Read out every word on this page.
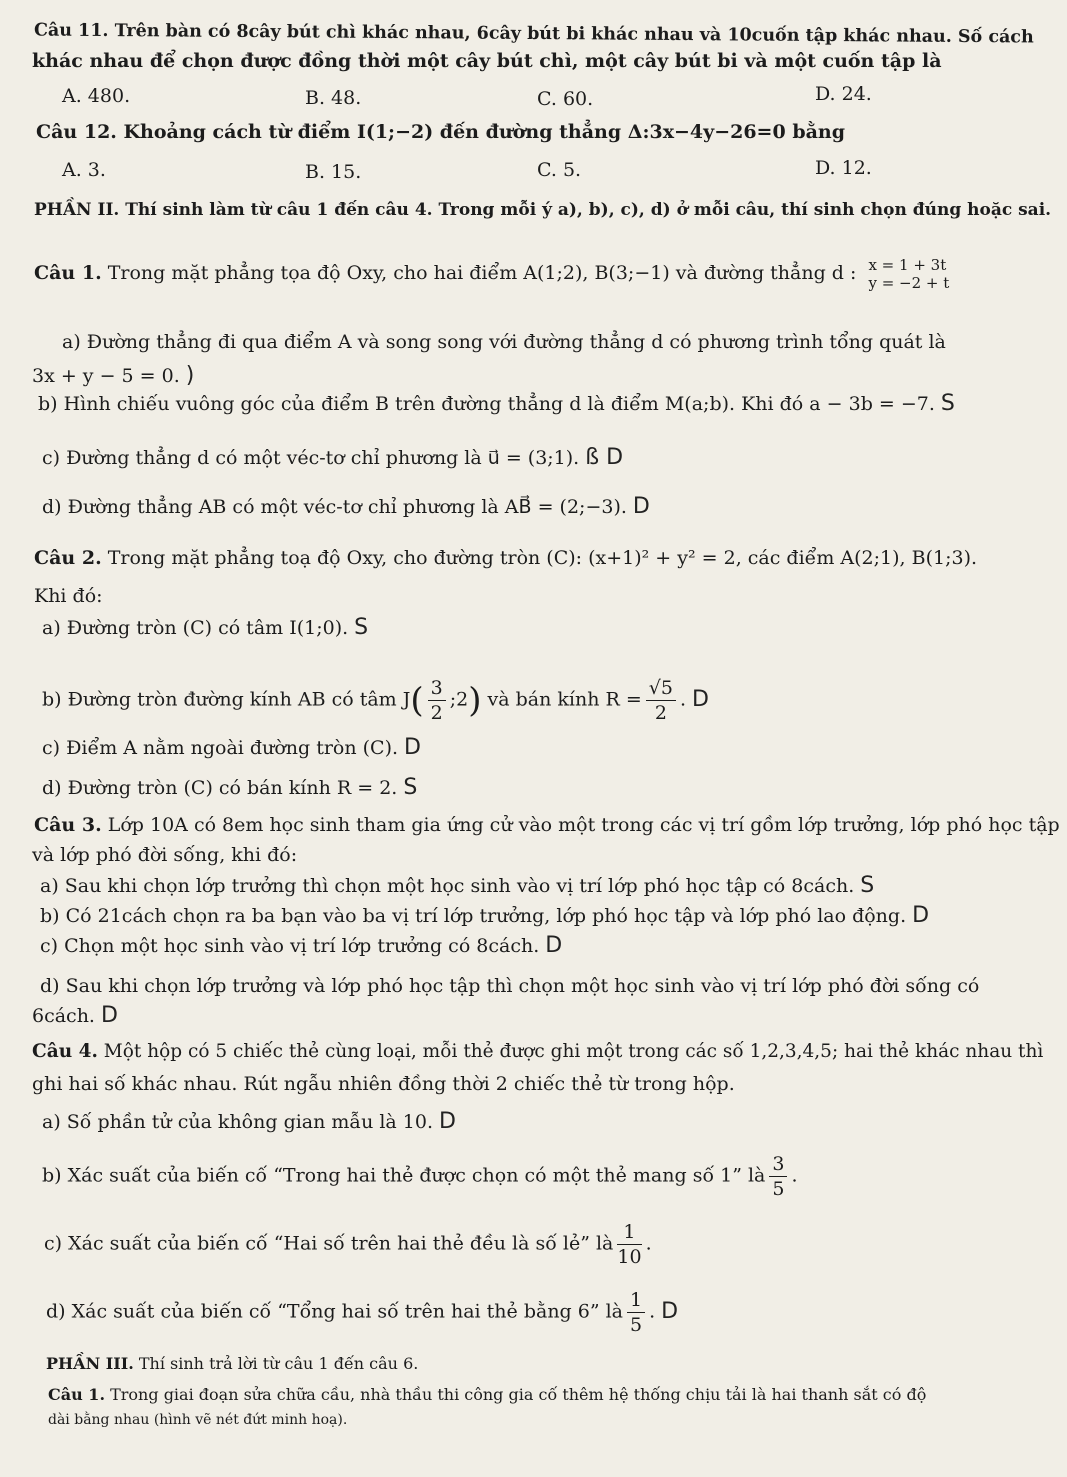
Câu 11. Trên bàn có 8cây bút chì khác nhau, 6cây bút bi khác nhau và 10cuốn tập khác nhau. Số cách
khác nhau để chọn được đồng thời một cây bút chì, một cây bút bi và một cuốn tập là
A. 480.	B. 48.	C. 60.	D. 24.
Câu 12. Khoảng cách từ điểm I(1;−2) đến đường thẳng Δ:3x−4y−26=0 bằng
A. 3.	B. 15.	C. 5.	D. 12.
PHẦN II. Thí sinh làm từ câu 1 đến câu 4. Trong mỗi ý a), b), c), d) ở mỗi câu, thí sinh chọn đúng hoặc sai.
Câu 1. Trong mặt phẳng tọa độ Oxy, cho hai điểm A(1;2), B(3;−1) và đường thẳng d : x = 1 + 3t
y = −2 + t
a) Đường thẳng đi qua điểm A và song song với đường thẳng d có phương trình tổng quát là
3x + y − 5 = 0. )
b) Hình chiếu vuông góc của điểm B trên đường thẳng d là điểm M(a;b). Khi đó a − 3b = −7. S
c) Đường thẳng d có một véc-tơ chỉ phương là u⃗ = (3;1). ß D
d) Đường thẳng AB có một véc-tơ chỉ phương là AB⃗ = (2;−3). D
Câu 2. Trong mặt phẳng toạ độ Oxy, cho đường tròn (C): (x+1)² + y² = 2, các điểm A(2;1), B(1;3).
Khi đó:
a) Đường tròn (C) có tâm I(1;0). S
b) Đường tròn đường kính AB có tâm $J( \frac{3}{2}$ ;2) và bán kính $R = \frac{√5}{2}$ . D
c) Điểm A nằm ngoài đường tròn (C). D
d) Đường tròn (C) có bán kính R = 2. S
Câu 3. Lớp 10A có 8em học sinh tham gia ứng cử vào một trong các vị trí gồm lớp trưởng, lớp phó học tập
và lớp phó đời sống, khi đó:
a) Sau khi chọn lớp trưởng thì chọn một học sinh vào vị trí lớp phó học tập có 8cách. S
b) Có 21cách chọn ra ba bạn vào ba vị trí lớp trưởng, lớp phó học tập và lớp phó lao động. D
c) Chọn một học sinh vào vị trí lớp trưởng có 8cách. D
d) Sau khi chọn lớp trưởng và lớp phó học tập thì chọn một học sinh vào vị trí lớp phó đời sống có
6cách. D
Câu 4. Một hộp có 5 chiếc thẻ cùng loại, mỗi thẻ được ghi một trong các số 1,2,3,4,5; hai thẻ khác nhau thì
ghi hai số khác nhau. Rút ngẫu nhiên đồng thời 2 chiếc thẻ từ trong hộp.
a) Số phần tử của không gian mẫu là 10. D
b) Xác suất của biến cố “Trong hai thẻ được chọn có một thẻ mang số 1” là $\frac{3}{5}$ .
c) Xác suất của biến cố “Hai số trên hai thẻ đều là số lẻ” là $\frac{1}{10}$ .
d) Xác suất của biến cố “Tổng hai số trên hai thẻ bằng 6” là $\frac{1}{5}$ . D
PHẦN III. Thí sinh trả lời từ câu 1 đến câu 6.
Câu 1. Trong giai đoạn sửa chữa cầu, nhà thầu thi công gia cố thêm hệ thống chịu tải là hai thanh sắt có độ
dài bằng nhau (hình vẽ nét đứt minh hoạ).
